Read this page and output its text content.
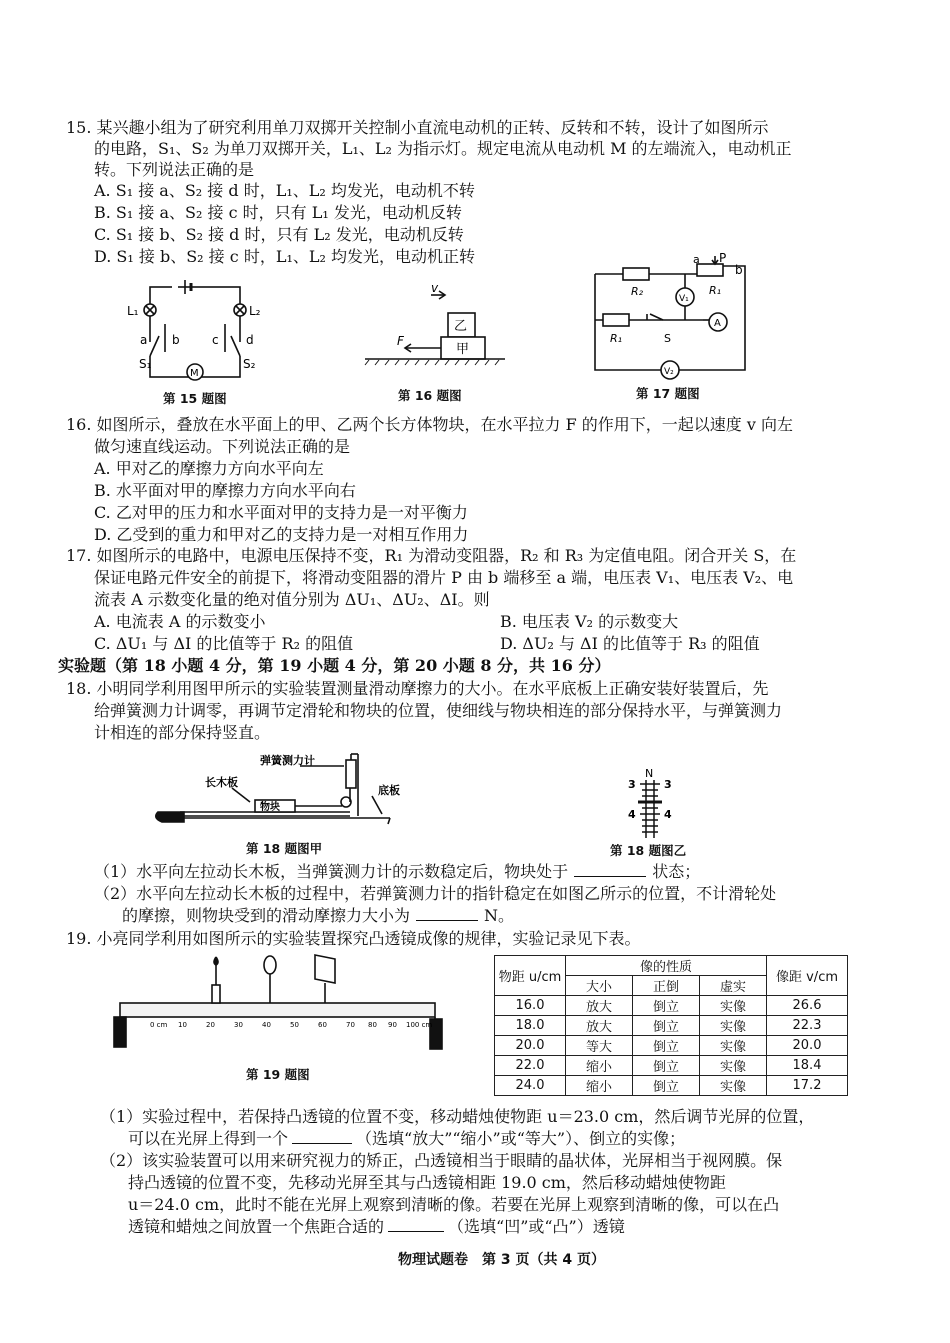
15. 某兴趣小组为了研究利用单刀双掷开关控制小直流电动机的正转、反转和不转，设计了如图所示
的电路，S₁、S₂ 为单刀双掷开关，L₁、L₂ 为指示灯。规定电流从电动机 M 的左端流入，电动机正
转。下列说法正确的是
A. S₁ 接 a、S₂ 接 d 时，L₁、L₂ 均发光，电动机不转
B. S₁ 接 a、S₂ 接 c 时，只有 L₁ 发光，电动机反转
C. S₁ 接 b、S₂ 接 d 时，只有 L₂ 发光，电动机反转
D. S₁ 接 b、S₂ 接 c 时，L₁、L₂ 均发光，电动机正转
L₁	L₂
a b	c d
S₁	S₂
M
第 15 题图
v
F
乙
甲
第 16 题图
R₂
a P
b
R₁
R₁	S
V₁
A
V₂
第 17 题图
16. 如图所示，叠放在水平面上的甲、乙两个长方体物块，在水平拉力 F 的作用下，一起以速度 v 向左
做匀速直线运动。下列说法正确的是
A. 甲对乙的摩擦力方向水平向左
B. 水平面对甲的摩擦力方向水平向右
C. 乙对甲的压力和水平面对甲的支持力是一对平衡力
D. 乙受到的重力和甲对乙的支持力是一对相互作用力
17. 如图所示的电路中，电源电压保持不变，R₁ 为滑动变阻器，R₂ 和 R₃ 为定值电阻。闭合开关 S，在
保证电路元件安全的前提下，将滑动变阻器的滑片 P 由 b 端移至 a 端，电压表 V₁、电压表 V₂、电
流表 A 示数变化量的绝对值分别为 ΔU₁、ΔU₂、ΔI。则
A. 电流表 A 的示数变小	B. 电压表 V₂ 的示数变大
C. ΔU₁ 与 ΔI 的比值等于 R₂ 的阻值	D. ΔU₂ 与 ΔI 的比值等于 R₃ 的阻值
实验题（第 18 小题 4 分，第 19 小题 4 分，第 20 小题 8 分，共 16 分）
18. 小明同学利用图甲所示的实验装置测量滑动摩擦力的大小。在水平底板上正确安装好装置后，先
给弹簧测力计调零，再调节定滑轮和物块的位置，使细线与物块相连的部分保持水平，与弹簧测力
计相连的部分保持竖直。
弹簧测力计
长木板
物块
底板
第 18 题图甲
N
3	3
4	4
第 18 题图乙
（1）水平向左拉动长木板，当弹簧测力计的示数稳定后，物块处于	状态；
（2）水平向左拉动长木板的过程中，若弹簧测力计的指针稳定在如图乙所示的位置，不计滑轮处
的摩擦，则物块受到的滑动摩擦力大小为	N。
19. 小亮同学利用如图所示的实验装置探究凸透镜成像的规律，实验记录见下表。
0 cm 10	20	30	40	50	60	70 80 90 100 cm
第 19 题图
物距 u/cm	像的性质			像距 v/cm
	大小	正倒	虚实	
16.0	放大	倒立	实像	26.6
18.0	放大	倒立	实像	22.3
20.0	等大	倒立	实像	20.0
22.0	缩小	倒立	实像	18.4
24.0	缩小	倒立	实像	17.2
（1）实验过程中，若保持凸透镜的位置不变，移动蜡烛使物距 u＝23.0 cm，然后调节光屏的位置，
可以在光屏上得到一个	（选填“放大”“缩小”或“等大”）、倒立的实像；
（2）该实验装置可以用来研究视力的矫正，凸透镜相当于眼睛的晶状体，光屏相当于视网膜。保
持凸透镜的位置不变，先移动光屏至其与凸透镜相距 19.0 cm，然后移动蜡烛使物距
u＝24.0 cm，此时不能在光屏上观察到清晰的像。若要在光屏上观察到清晰的像，可以在凸
透镜和蜡烛之间放置一个焦距合适的	（选填“凹”或“凸”）透镜
物理试题卷　第 3 页（共 4 页）
